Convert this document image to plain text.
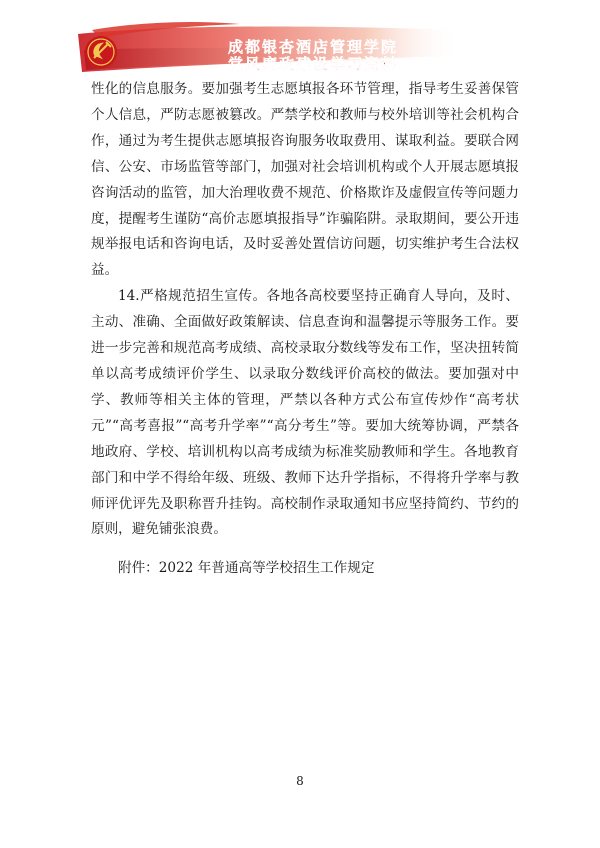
成都银杏酒店管理学院
党风廉政建设学习资料

性化的信息服务。要加强考生志愿填报各环节管理，指导考生妥善保管个人信息，严防志愿被篡改。严禁学校和教师与校外培训等社会机构合作，通过为考生提供志愿填报咨询服务收取费用、谋取利益。要联合网信、公安、市场监管等部门，加强对社会培训机构或个人开展志愿填报咨询活动的监管，加大治理收费不规范、价格欺诈及虚假宣传等问题力度，提醒考生谨防“高价志愿填报指导”诈骗陷阱。录取期间，要公开违规举报电话和咨询电话，及时妥善处置信访问题，切实维护考生合法权益。

14.严格规范招生宣传。各地各高校要坚持正确育人导向，及时、主动、准确、全面做好政策解读、信息查询和温馨提示等服务工作。要进一步完善和规范高考成绩、高校录取分数线等发布工作，坚决扭转简单以高考成绩评价学生、以录取分数线评价高校的做法。要加强对中学、教师等相关主体的管理，严禁以各种方式公布宣传炒作“高考状元”“高考喜报”“高考升学率”“高分考生”等。要加大统筹协调，严禁各地政府、学校、培训机构以高考成绩为标准奖励教师和学生。各地教育部门和中学不得给年级、班级、教师下达升学指标，不得将升学率与教师评优评先及职称晋升挂钩。高校制作录取通知书应坚持简约、节约的原则，避免铺张浪费。

附件：2022 年普通高等学校招生工作规定

8
